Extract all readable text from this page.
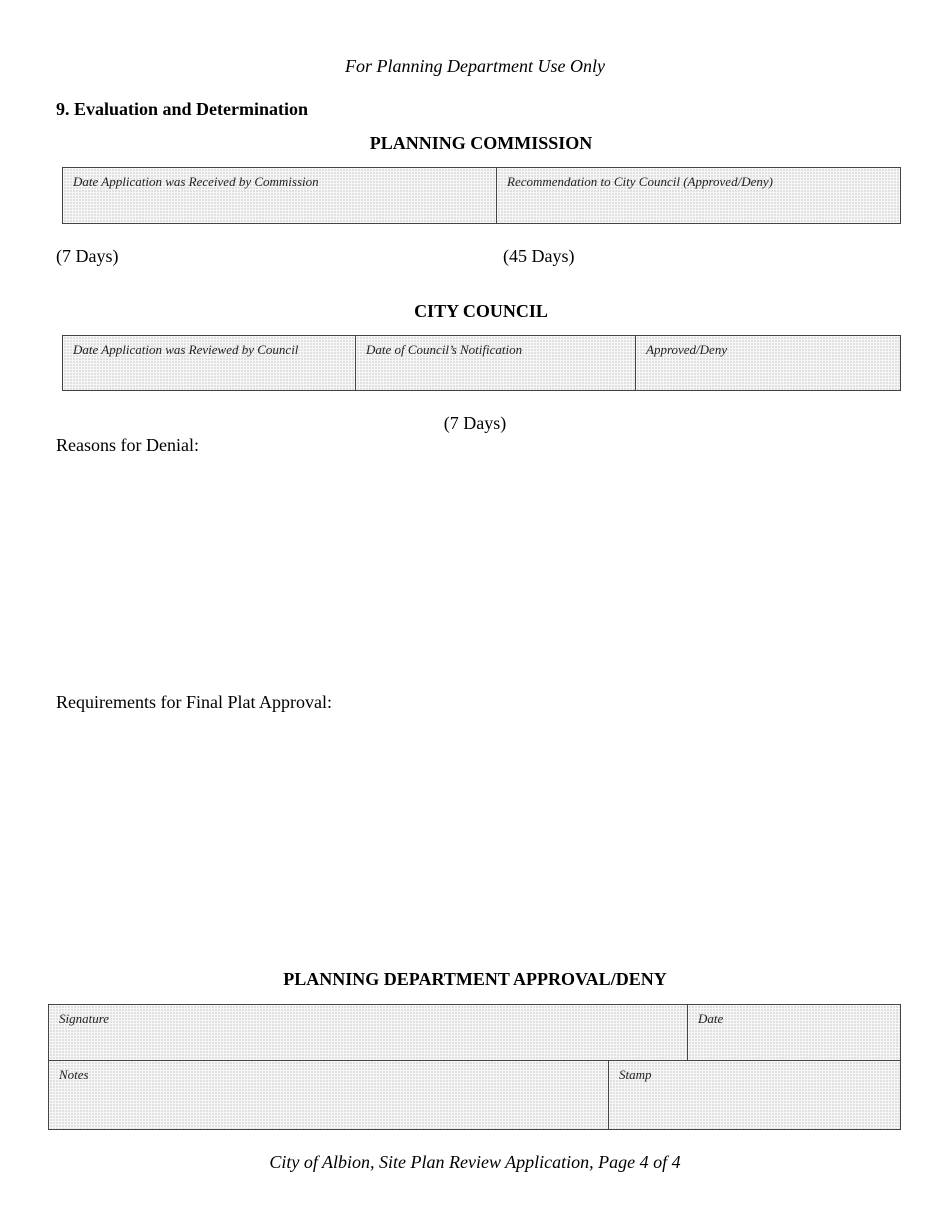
For Planning Department Use Only
9. Evaluation and Determination
PLANNING COMMISSION
Date Application was Received by Commission	Recommendation to City Council (Approved/Deny)
(7 Days)	(45 Days)
CITY COUNCIL
Date Application was Reviewed by Council	Date of Council’s Notification	Approved/Deny
(7 Days)
Reasons for Denial:
Requirements for Final Plat Approval:
PLANNING DEPARTMENT APPROVAL/DENY
Signature	Date
Notes	Stamp
City of Albion, Site Plan Review Application, Page 4 of 4
